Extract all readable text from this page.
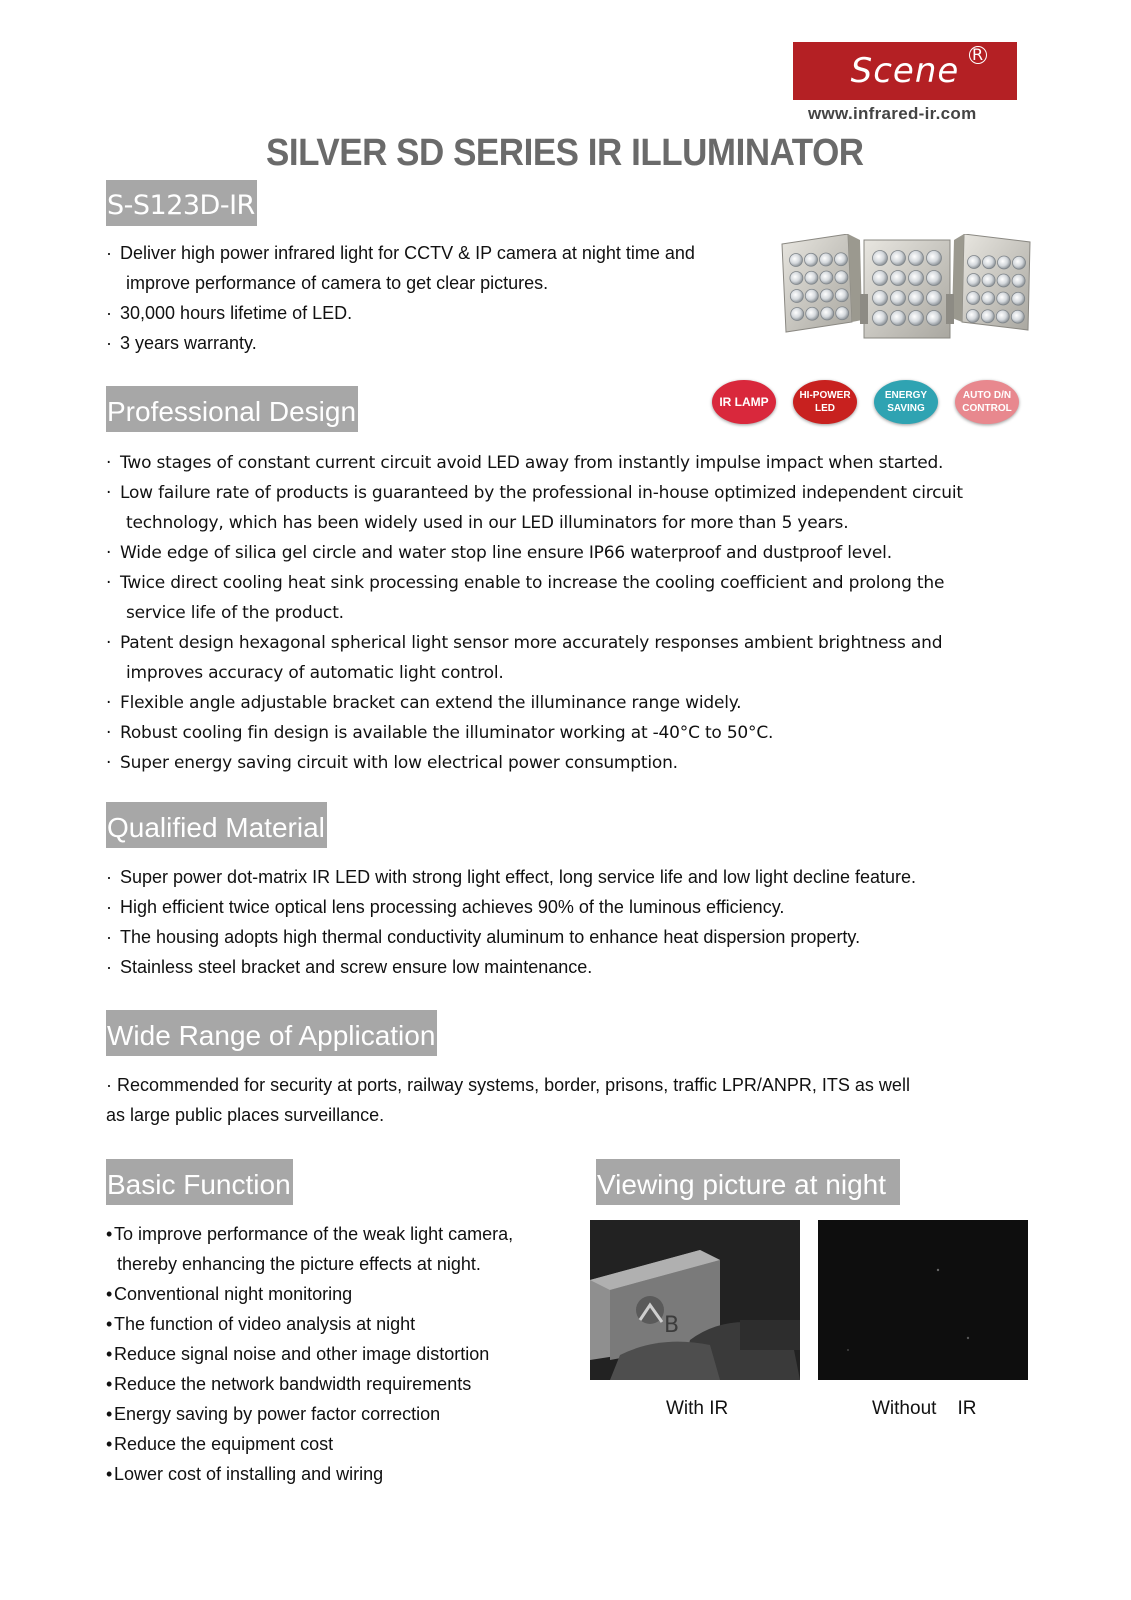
Scene R
www.infrared-ir.com
SILVER SD SERIES IR ILLUMINATOR
S-S123D-IR
· Deliver high power infrared light for CCTV & IP camera at night time and
improve performance of camera to get clear pictures.
· 30,000 hours lifetime of LED.
· 3 years warranty.
IR LAMP	HI-POWER LED
ENERGY SAVING
AUTO D/N CONTROL
Professional Design
· Two stages of constant current circuit avoid LED away from instantly impulse impact when started.
· Low failure rate of products is guaranteed by the professional in-house optimized independent circuit
technology, which has been widely used in our LED illuminators for more than 5 years.
· Wide edge of silica gel circle and water stop line ensure IP66 waterproof and dustproof level.
· Twice direct cooling heat sink processing enable to increase the cooling coefficient and prolong the
service life of the product.
· Patent design hexagonal spherical light sensor more accurately responses ambient brightness and
improves accuracy of automatic light control.
· Flexible angle adjustable bracket can extend the illuminance range widely.
· Robust cooling fin design is available the illuminator working at -40°C to 50°C.
· Super energy saving circuit with low electrical power consumption.
Qualified Material
· Super power dot-matrix IR LED with strong light effect, long service life and low light decline feature.
· High efficient twice optical lens processing achieves 90% of the luminous efficiency.
· The housing adopts high thermal conductivity aluminum to enhance heat dispersion property.
· Stainless steel bracket and screw ensure low maintenance.
Wide Range of Application
· Recommended for security at ports, railway systems, border, prisons, traffic LPR/ANPR, ITS as well
as large public places surveillance.
Basic Function
• To improve performance of the weak light camera,
thereby enhancing the picture effects at night.
• Conventional night monitoring
• The function of video analysis at night
• Reduce signal noise and other image distortion
• Reduce the network bandwidth requirements
• Energy saving by power factor correction
• Reduce the equipment cost
• Lower cost of installing and wiring
Viewing picture at night
B
With IR	Without    IR
